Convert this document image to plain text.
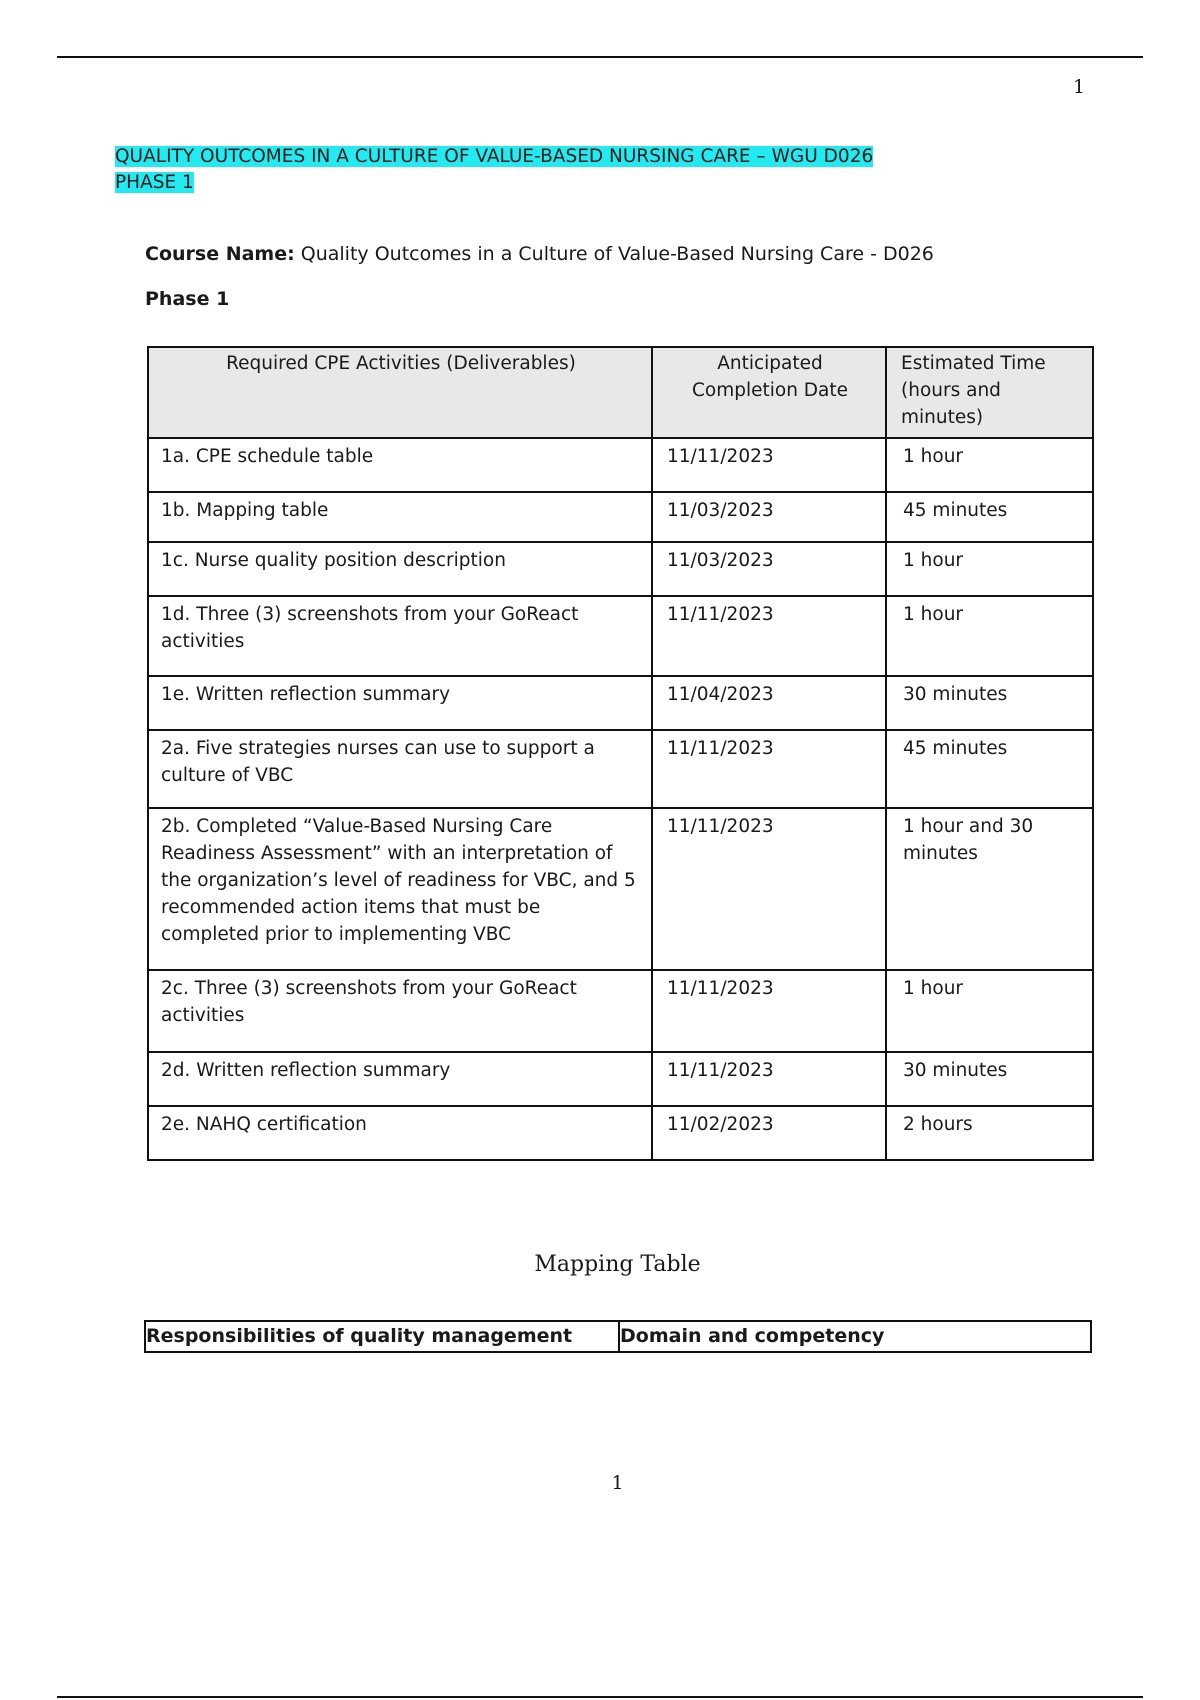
1
QUALITY OUTCOMES IN A CULTURE OF VALUE-BASED NURSING CARE – WGU D026
PHASE 1
Course Name: Quality Outcomes in a Culture of Value-Based Nursing Care - D026
Phase 1
Required CPE Activities (Deliverables)	Anticipated Completion Date	Estimated Time (hours and minutes)
1a. CPE schedule table	11/11/2023	1 hour
1b. Mapping table	11/03/2023	45 minutes
1c. Nurse quality position description	11/03/2023	1 hour
1d. Three (3) screenshots from your GoReact activities	11/11/2023	1 hour
1e. Written reflection summary	11/04/2023	30 minutes
2a. Five strategies nurses can use to support a culture of VBC	11/11/2023	45 minutes
2b. Completed “Value-Based Nursing Care Readiness Assessment” with an interpretation of the organization’s level of readiness for VBC, and 5 recommended action items that must be completed prior to implementing VBC	11/11/2023	1 hour and 30 minutes
2c. Three (3) screenshots from your GoReact activities	11/11/2023	1 hour
2d. Written reflection summary	11/11/2023	30 minutes
2e. NAHQ certification	11/02/2023	2 hours
Mapping Table
Responsibilities of quality management	Domain and competency
1
